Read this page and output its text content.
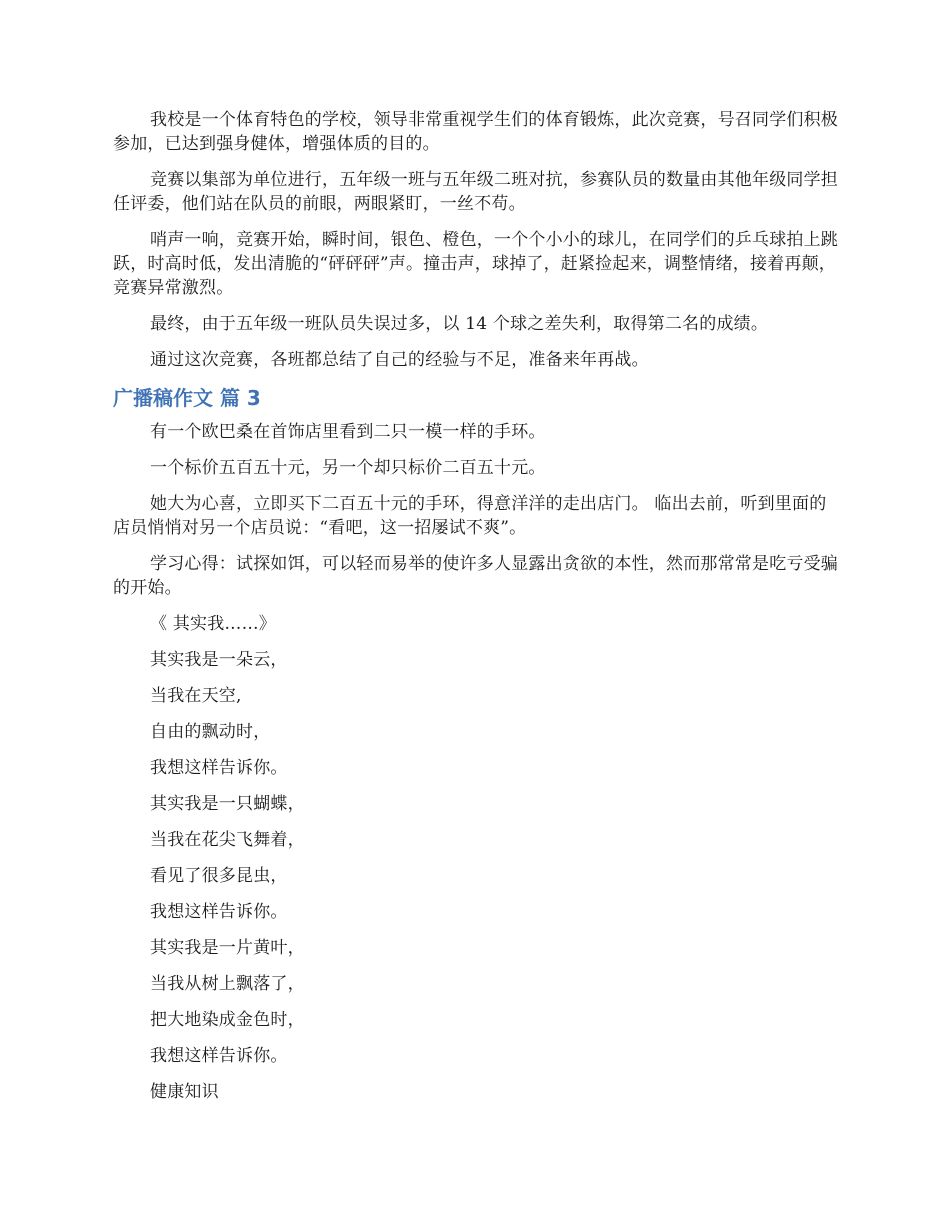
我校是一个体育特色的学校，领导非常重视学生们的体育锻炼，此次竞赛，号召同学们积极参加，已达到强身健体，增强体质的目的。

竞赛以集部为单位进行，五年级一班与五年级二班对抗，参赛队员的数量由其他年级同学担任评委，他们站在队员的前眼，两眼紧盯，一丝不苟。

哨声一响，竞赛开始，瞬时间，银色、橙色，一个个小小的球儿，在同学们的乒乓球拍上跳跃，时高时低，发出清脆的“砰砰砰”声。撞击声，球掉了，赶紧捡起来，调整情绪，接着再颠，竞赛异常激烈。

最终，由于五年级一班队员失误过多，以 14 个球之差失利，取得第二名的成绩。

通过这次竞赛，各班都总结了自己的经验与不足，准备来年再战。

广播稿作文 篇 3

有一个欧巴桑在首饰店里看到二只一模一样的手环。

一个标价五百五十元，另一个却只标价二百五十元。

她大为心喜，立即买下二百五十元的手环，得意洋洋的走出店门。 临出去前，听到里面的店员悄悄对另一个店员说：“看吧，这一招屡试不爽”。

学习心得：试探如饵，可以轻而易举的使许多人显露出贪欲的本性，然而那常常是吃亏受骗的开始。

《 其实我……》

其实我是一朵云，

当我在天空,

自由的飘动时，

我想这样告诉你。

其实我是一只蝴蝶，

当我在花尖飞舞着，

看见了很多昆虫，

我想这样告诉你。

其实我是一片黄叶，

当我从树上飘落了，

把大地染成金色时，

我想这样告诉你。

健康知识
